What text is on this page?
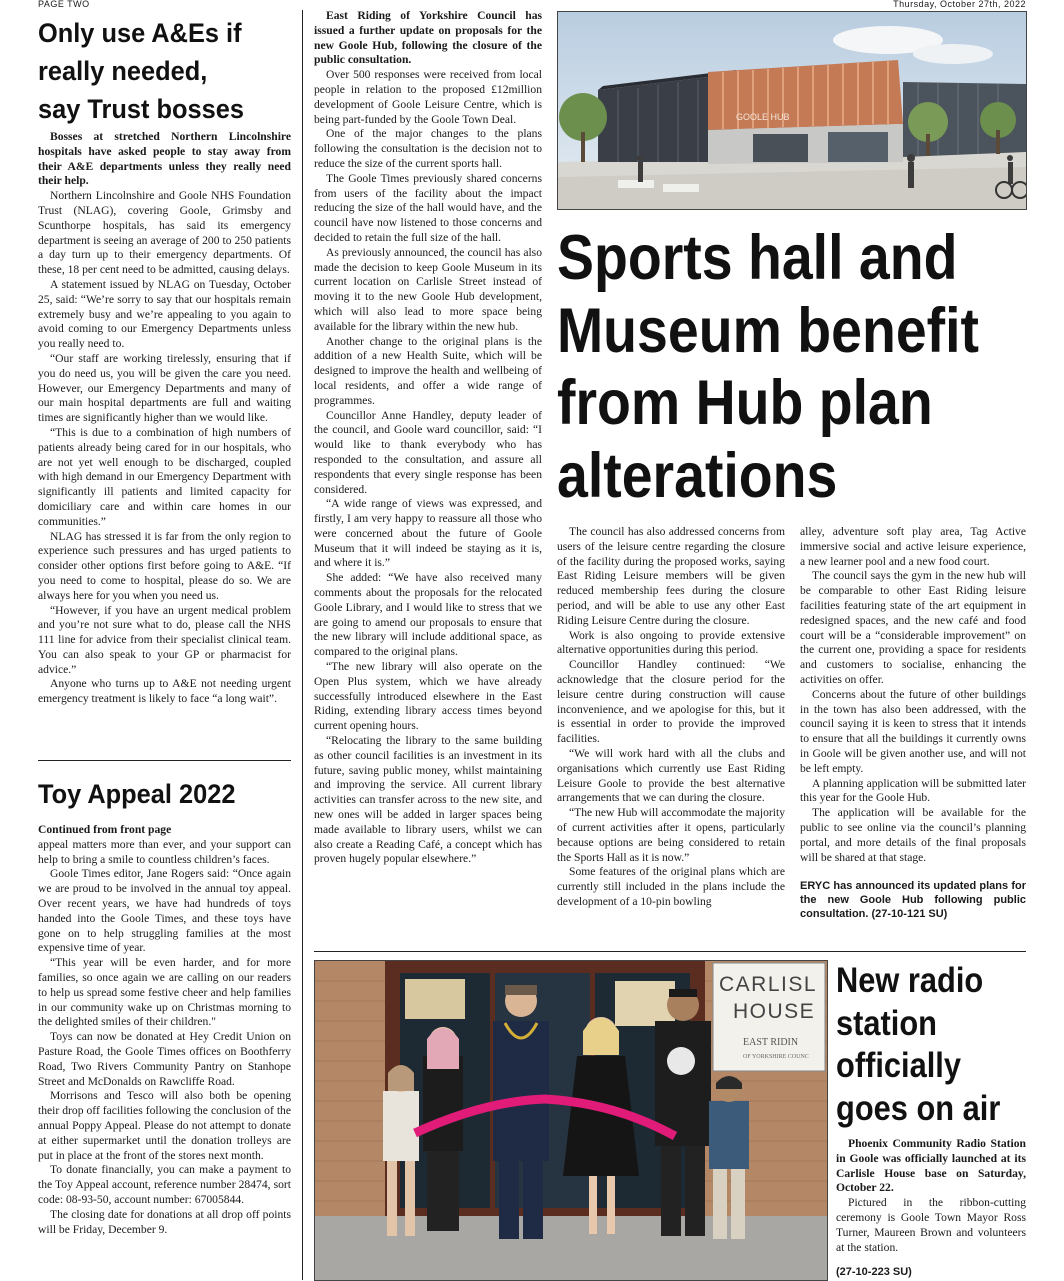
PAGE TWO	Thursday, October 27th, 2022
Only use A&Es if
really needed,
say Trust bosses

Bosses at stretched Northern Lincolnshire hospitals have asked people to stay away from their A&E departments unless they really need their help.

Northern Lincolnshire and Goole NHS Foundation Trust (NLAG), covering Goole, Grimsby and Scunthorpe hospitals, has said its emergency department is seeing an average of 200 to 250 patients a day turn up to their emergency departments. Of these, 18 per cent need to be admitted, causing delays.

A statement issued by NLAG on Tuesday, October 25, said: “We’re sorry to say that our hospitals remain extremely busy and we’re appealing to you again to avoid coming to our Emergency Departments unless you really need to.

“Our staff are working tirelessly, ensuring that if you do need us, you will be given the care you need. However, our Emergency Departments and many of our main hospital departments are full and waiting times are significantly higher than we would like.

“This is due to a combination of high numbers of patients already being cared for in our hospitals, who are not yet well enough to be discharged, coupled with high demand in our Emergency Department with significantly ill patients and limited capacity for domiciliary care and within care homes in our communities.”

NLAG has stressed it is far from the only region to experience such pressures and has urged patients to consider other options first before going to A&E. “If you need to come to hospital, please do so. We are always here for you when you need us.

“However, if you have an urgent medical problem and you’re not sure what to do, please call the NHS 111 line for advice from their specialist clinical team. You can also speak to your GP or pharmacist for advice.”

Anyone who turns up to A&E not needing urgent emergency treatment is likely to face “a long wait”.

Toy Appeal 2022

Continued from front page

appeal matters more than ever, and your support can help to bring a smile to countless children’s faces.

Goole Times editor, Jane Rogers said: “Once again we are proud to be involved in the annual toy appeal. Over recent years, we have had hundreds of toys handed into the Goole Times, and these toys have gone on to help struggling families at the most expensive time of year.

“This year will be even harder, and for more families, so once again we are calling on our readers to help us spread some festive cheer and help families in our community wake up on Christmas morning to the delighted smiles of their children."

Toys can now be donated at Hey Credit Union on Pasture Road, the Goole Times offices on Boothferry Road, Two Rivers Community Pantry on Stanhope Street and McDonalds on Rawcliffe Road.

Morrisons and Tesco will also both be opening their drop off facilities following the conclusion of the annual Poppy Appeal. Please do not attempt to donate at either supermarket until the donation trolleys are put in place at the front of the stores next month.

To donate financially, you can make a payment to the Toy Appeal account, reference number 28474, sort code: 08-93-50, account number: 67005844.

The closing date for donations at all drop off points will be Friday, December 9.

East Riding of Yorkshire Council has issued a further update on proposals for the new Goole Hub, following the closure of the public consultation.

Over 500 responses were received from local people in relation to the proposed £12million development of Goole Leisure Centre, which is being part-funded by the Goole Town Deal.

One of the major changes to the plans following the consultation is the decision not to reduce the size of the current sports hall.

The Goole Times previously shared concerns from users of the facility about the impact reducing the size of the hall would have, and the council have now listened to those concerns and decided to retain the full size of the hall.

As previously announced, the council has also made the decision to keep Goole Museum in its current location on Carlisle Street instead of moving it to the new Goole Hub development, which will also lead to more space being available for the library within the new hub.

Another change to the original plans is the addition of a new Health Suite, which will be designed to improve the health and wellbeing of local residents, and offer a wide range of programmes.

Councillor Anne Handley, deputy leader of the council, and Goole ward councillor, said: “I would like to thank everybody who has responded to the consultation, and assure all respondents that every single response has been considered.

“A wide range of views was expressed, and firstly, I am very happy to reassure all those who were concerned about the future of Goole Museum that it will indeed be staying as it is, and where it is.”

She added: “We have also received many comments about the proposals for the relocated Goole Library, and I would like to stress that we are going to amend our proposals to ensure that the new library will include additional space, as compared to the original plans.

“The new library will also operate on the Open Plus system, which we have already successfully introduced elsewhere in the East Riding, extending library access times beyond current opening hours.

“Relocating the library to the same building as other council facilities is an investment in its future, saving public money, whilst maintaining and improving the service. All current library activities can transfer across to the new site, and new ones will be added in larger spaces being made available to library users, whilst we can also create a Reading Café, a concept which has proven hugely popular elsewhere.”

GOOLE HUB
Sports hall and
Museum benefit
from Hub plan
alterations

The council has also addressed concerns from users of the leisure centre regarding the closure of the facility during the proposed works, saying East Riding Leisure members will be given reduced membership fees during the closure period, and will be able to use any other East Riding Leisure Centre during the closure.

Work is also ongoing to provide extensive alternative opportunities during this period.

Councillor Handley continued: “We acknowledge that the closure period for the leisure centre during construction will cause inconvenience, and we apologise for this, but it is essential in order to provide the improved facilities.

“We will work hard with all the clubs and organisations which currently use East Riding Leisure Goole to provide the best alternative arrangements that we can during the closure.

“The new Hub will accommodate the majority of current activities after it opens, particularly because options are being considered to retain the Sports Hall as it is now.”

Some features of the original plans which are currently still included in the plans include the development of a 10-pin bowling

alley, adventure soft play area, Tag Active immersive social and active leisure experience, a new learner pool and a new food court.

The council says the gym in the new hub will be comparable to other East Riding leisure facilities featuring state of the art equipment in redesigned spaces, and the new café and food court will be a “considerable improvement” on the current one, providing a space for residents and customers to socialise, enhancing the activities on offer.

Concerns about the future of other buildings in the town has also been addressed, with the council saying it is keen to stress that it intends to ensure that all the buildings it currently owns in Goole will be given another use, and will not be left empty.

A planning application will be submitted later this year for the Goole Hub.

The application will be available for the public to see online via the council’s planning portal, and more details of the final proposals will be shared at that stage.

ERYC has announced its updated plans for the new Goole Hub following public consultation. (27-10-121 SU)
CARLISL
HOUSE
EAST RIDIN
OF YORKSHIRE COUNC
New radio
station
officially
goes on air

Phoenix Community Radio Station in Goole was officially launched at its Carlisle House base on Saturday, October 22.

Pictured in the ribbon-cutting ceremony is Goole Town Mayor Ross Turner, Maureen Brown and volunteers at the station.

(27-10-223 SU)
